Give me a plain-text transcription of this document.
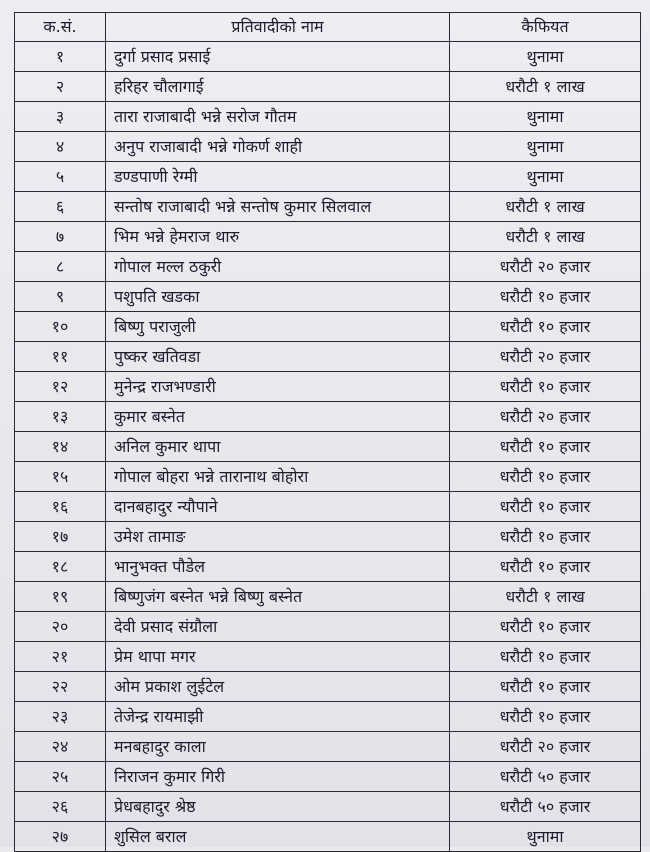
क.सं.	प्रतिवादीको नाम	कैफियत
१	दुर्गा प्रसाद प्रसाई	थुनामा
२	हरिहर चौलागाई	धरौटी १ लाख
३	तारा राजाबादी भन्ने सरोज गौतम	थुनामा
४	अनुप राजाबादी भन्ने गोकर्ण शाही	थुनामा
५	डण्डपाणी रेग्मी	थुनामा
६	सन्तोष राजाबादी भन्ने सन्तोष कुमार सिलवाल	धरौटी १ लाख
७	भिम भन्ने हेमराज थारु	धरौटी १ लाख
८	गोपाल मल्ल ठकुरी	धरौटी २० हजार
९	पशुपति खडका	धरौटी १० हजार
१०	बिष्णु पराजुली	धरौटी १० हजार
११	पुष्कर खतिवडा	धरौटी २० हजार
१२	मुनेन्द्र राजभण्डारी	धरौटी १० हजार
१३	कुमार बस्नेत	धरौटी २० हजार
१४	अनिल कुमार थापा	धरौटी १० हजार
१५	गोपाल बोहरा भन्ने तारानाथ बोहोरा	धरौटी १० हजार
१६	दानबहादुर न्यौपाने	धरौटी १० हजार
१७	उमेश तामाङ	धरौटी १० हजार
१८	भानुभक्त पौडेल	धरौटी १० हजार
१९	बिष्णुजंग बस्नेत भन्ने बिष्णु बस्नेत	धरौटी १ लाख
२०	देवी प्रसाद संग्रौला	धरौटी १० हजार
२१	प्रेम थापा मगर	धरौटी १० हजार
२२	ओम प्रकाश लुईटेल	धरौटी १० हजार
२३	तेजेन्द्र रायमाझी	धरौटी १० हजार
२४	मनबहादुर काला	धरौटी २० हजार
२५	निराजन कुमार गिरी	धरौटी ५० हजार
२६	प्रेधबहादुर श्रेष्ठ	धरौटी ५० हजार
२७	शुसिल बराल	थुनामा
